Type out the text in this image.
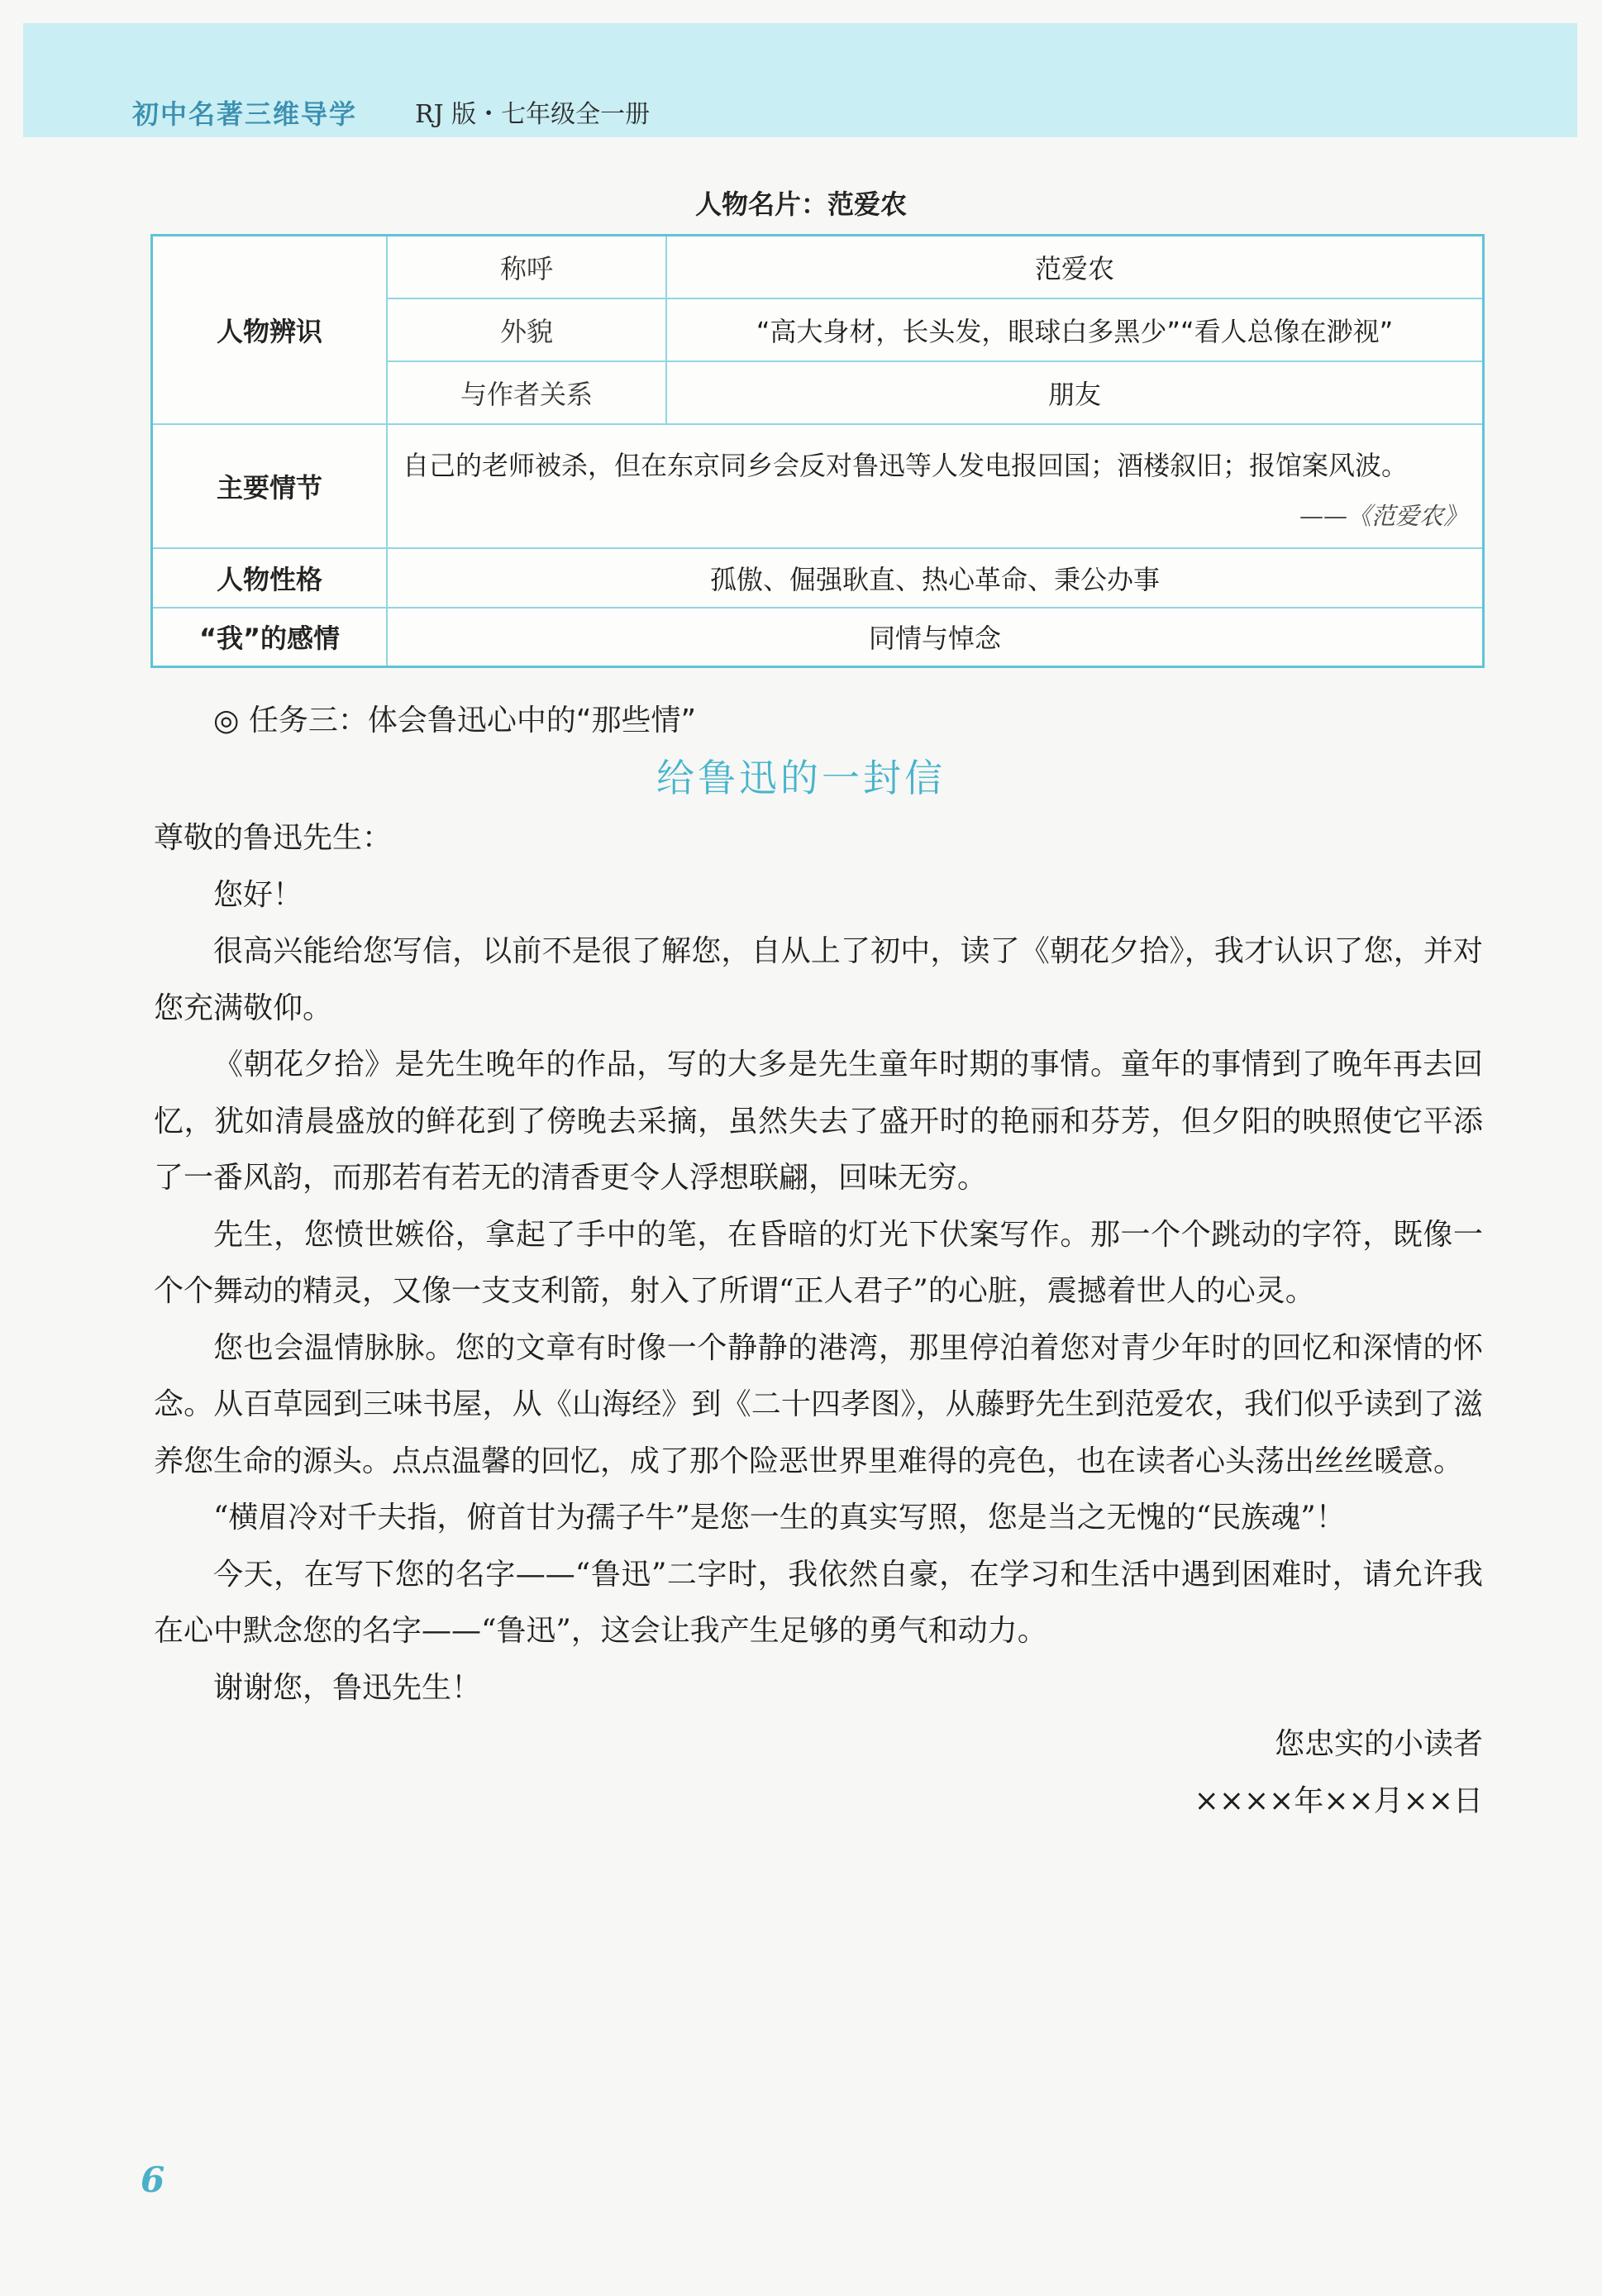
初中名著三维导学 RJ 版・七年级全一册
人物名片：范爱农
人物辨识	称呼	范爱农
	外貌	“高大身材，长头发，眼球白多黑少”“看人总像在渺视”
	与作者关系	朋友
主要情节	自己的老师被杀，但在东京同乡会反对鲁迅等人发电报回国；酒楼叙旧；报馆案风波。
——《范爱农》	

人物性格	孤傲、倔强耿直、热心革命、秉公办事	
“我”的感情	同情与悼念	
◎ 任务三：体会鲁迅心中的“那些情”
给鲁迅的一封信

尊敬的鲁迅先生：

您好！

很高兴能给您写信，以前不是很了解您，自从上了初中，读了《朝花夕拾》，我才认识了您，并对您充满敬仰。

《朝花夕拾》是先生晚年的作品，写的大多是先生童年时期的事情。童年的事情到了晚年再去回忆，犹如清晨盛放的鲜花到了傍晚去采摘，虽然失去了盛开时的艳丽和芬芳，但夕阳的映照使它平添了一番风韵，而那若有若无的清香更令人浮想联翩，回味无穷。

先生，您愤世嫉俗，拿起了手中的笔，在昏暗的灯光下伏案写作。那一个个跳动的字符，既像一个个舞动的精灵，又像一支支利箭，射入了所谓“正人君子”的心脏，震撼着世人的心灵。

您也会温情脉脉。您的文章有时像一个静静的港湾，那里停泊着您对青少年时的回忆和深情的怀念。从百草园到三味书屋，从《山海经》到《二十四孝图》，从藤野先生到范爱农，我们似乎读到了滋养您生命的源头。点点温馨的回忆，成了那个险恶世界里难得的亮色，也在读者心头荡出丝丝暖意。

“横眉冷对千夫指，俯首甘为孺子牛”是您一生的真实写照，您是当之无愧的“民族魂”！

今天，在写下您的名字——“鲁迅”二字时，我依然自豪，在学习和生活中遇到困难时，请允许我在心中默念您的名字——“鲁迅”，这会让我产生足够的勇气和动力。

谢谢您，鲁迅先生！

您忠实的小读者

××××年××月××日

6
